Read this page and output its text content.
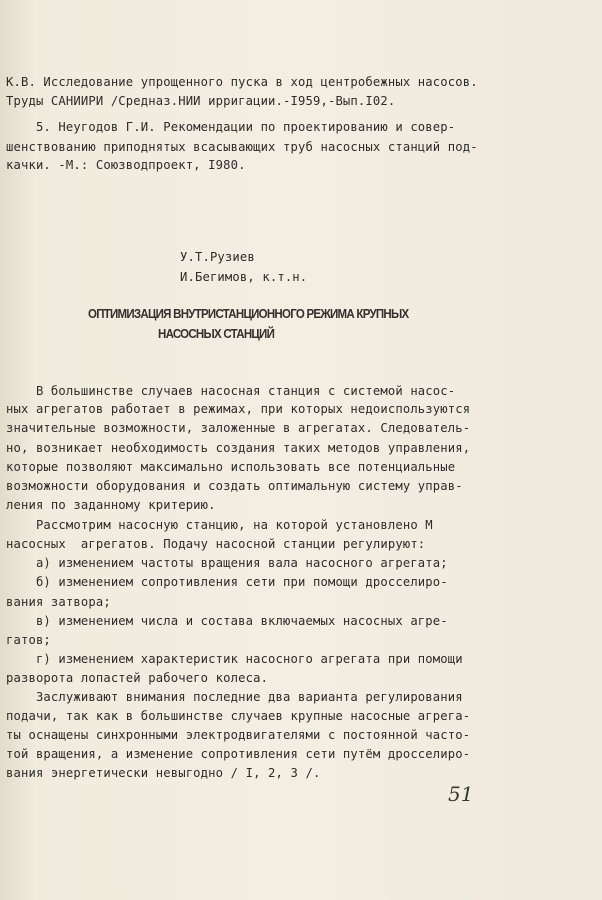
К.В. Исследование упрощенного пуска в ход центробежных насосов.
Труды САНИИРИ /Средназ.НИИ ирригации.-I959,-Вып.I02.
5. Неугодов Г.И. Рекомендации по проектированию и совер-
шенствованию приподнятых всасывающих труб насосных станций под-
качки. -М.: Союзводпроект, I980.
У.Т.Рузиев
И.Бегимов, к.т.н.
ОПТИМИЗАЦИЯ ВНУТРИСТАНЦИОННОГО РЕЖИМА КРУПНЫХ
НАСОСНЫХ СТАНЦИЙ
В большинстве случаев насосная станция с системой насос-
ных агрегатов работает в режимах, при которых недоиспользуются
значительные возможности, заложенные в агрегатах. Следователь-
но, возникает необходимость создания таких методов управления,
которые позволяют максимально использовать все потенциальные
возможности оборудования и создать оптимальную систему управ-
ления по заданному критерию.
Рассмотрим насосную станцию, на которой установлено M
насосных  агрегатов. Подачу насосной станции регулируют:
а) изменением частоты вращения вала насосного агрегата;
б) изменением сопротивления сети при помощи дросселиро-
вания затвора;
в) изменением числа и состава включаемых насосных агре-
гатов;
г) изменением характеристик насосного агрегата при помощи
разворота лопастей рабочего колеса.
Заслуживают внимания последние два варианта регулирования
подачи, так как в большинстве случаев крупные насосные агрега-
ты оснащены синхронными электродвигателями с постоянной часто-
той вращения, а изменение сопротивления сети путём дросселиро-
вания энергетически невыгодно / I, 2, 3 /.
51
